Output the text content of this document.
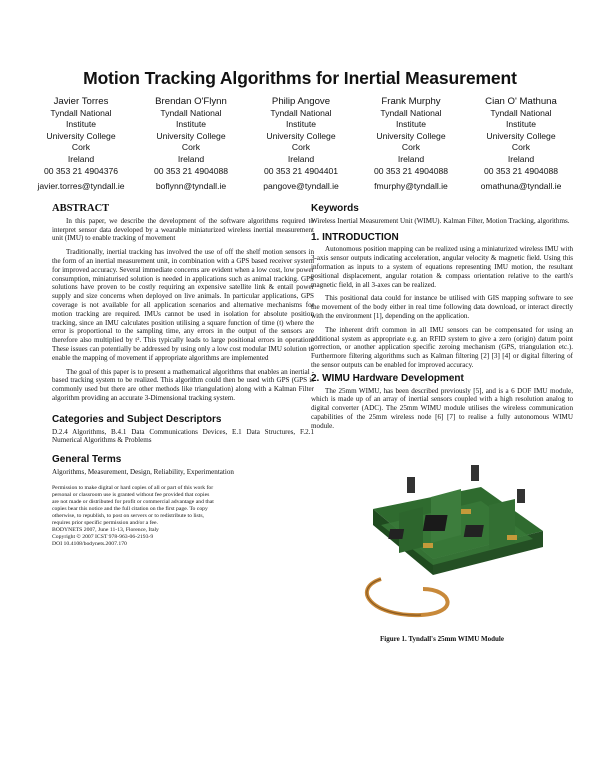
Motion Tracking Algorithms for Inertial Measurement
Javier Torres
Tyndall National
Institute
University College
Cork
Ireland
00 353 21 4904376
javier.torres@tyndall.ie
Brendan O'Flynn
Tyndall National
Institute
University College
Cork
Ireland
00 353 21 4904088
boflynn@tyndall.ie
Philip Angove
Tyndall National
Institute
University College
Cork
Ireland
00 353 21 4904401
pangove@tyndall.ie
Frank Murphy
Tyndall National
Institute
University College
Cork
Ireland
00 353 21 4904088
fmurphy@tyndall.ie
Cian O' Mathuna
Tyndall National
Institute
University College
Cork
Ireland
00 353 21 4904088
omathuna@tyndall.ie
ABSTRACT

In this paper, we describe the development of the software algorithms required to interpret sensor data developed by a wearable miniaturized wireless inertial measurement unit (IMU) to enable tracking of movement

Traditionally, inertial tracking has involved the use of off the shelf motion sensors in the form of an inertial measurement unit, in combination with a GPS based receiver system for improved accuracy. Several immediate concerns are evident when a low cost, low power consumption, miniaturised solution is needed in applications such as animal tracking. GPS solutions have proven to be costly requiring an expensive satellite link & entail power supply and size concerns when deployed on live animals. In particular applications, GPS coverage is not available for all application scenarios and alternative mechanisms for motion tracking are required. IMUs cannot be used in isolation for absolute position tracking, since an IMU calculates position utilising a square function of time (t) where the error is proportional to the sampling time, any errors in the output of the sensors are therefore also multiplied by t². This typically leads to large positional errors in operation: These issues can potentially be addressed by using only a low cost modular IMU solution to enable the mapping of movement if appropriate algorithms are implemented

The goal of this paper is to present a mathematical algorithms that enables an inertial -based tracking system to be realized. This algorithm could then be used with GPS (GPS is commonly used but there are other methods like triangulation) along with a Kalman Filter algorithm providing an accurate 3-Dimensional tracking system.

Categories and Subject Descriptors

D.2.4 Algorithms, B.4.1 Data Communications Devices, E.1 Data Structures, F.2.1 Numerical Algorithms & Problems

General Terms

Algorithms, Measurement, Design, Reliability, Experimentation

Permission to make digital or hard copies of all or part of this work for
personal or classroom use is granted without fee provided that copies
are not made or distributed for profit or commercial advantage and that
copies bear this notice and the full citation on the first page. To copy
otherwise, to republish, to post on servers or to redistribute to lists,
requires prior specific permission and/or a fee.
BODYNETS 2007, June 11-13, Florence, Italy
Copyright © 2007 ICST 978-963-06-2193-9
DOI 10.4108/bodynets.2007.170
Keywords

Wireless Inertial Measurement Unit (WIMU). Kalman Filter, Motion Tracking, algorithms.

1. INTRODUCTION

Autonomous position mapping can be realized using a miniaturized wireless IMU with 3-axis sensor outputs indicating acceleration, angular velocity & magnetic field. Using this information as inputs to a system of equations representing IMU motion, the resultant positional displacement, angular rotation & compass orientation relative to the earth's magnetic field, in all 3-axes can be realized.

This positional data could for instance be utilised with GIS mapping software to see the movement of the body either in real time following data download, or interact directly with the environment [1], depending on the application.

The inherent drift common in all IMU sensors can be compensated for using an additional system as appropriate e.g. an RFID system to give a zero (origin) datum point correction, or another application specific zeroing mechanism (GPS, triangulation etc.). Furthermore filtering algorithms such as Kalman filtering [2] [3] [4] or digital filtering of the sensor outputs can be enabled for improved accuracy.

2. WIMU Hardware Development

The 25mm WIMU, has been described previously [5], and is a 6 DOF IMU module, which is made up of an array of inertial sensors coupled with a high resolution analog to digital converter (ADC). The 25mm WIMU module utilises the wireless communication capabilities of the 25mm wireless node [6] [7] to realise a fully autonomous WIMU module.

Figure 1. Tyndall's 25mm WIMU Module
